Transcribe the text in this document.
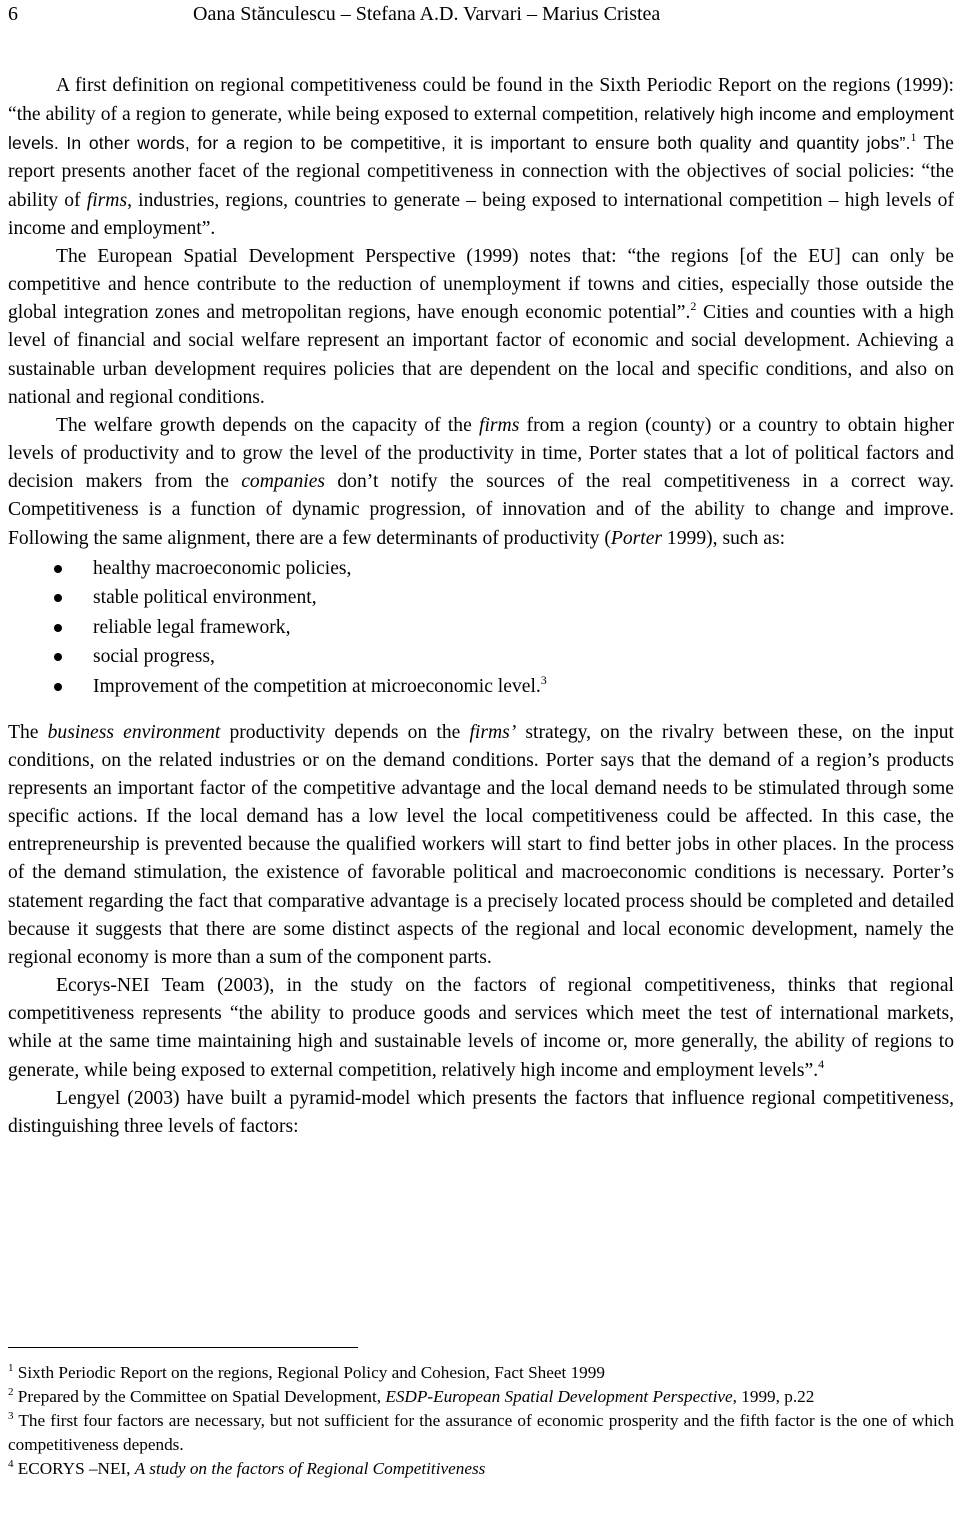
6	Oana Stănculescu – Stefana A.D. Varvari – Marius Cristea

A first definition on regional competitiveness could be found in the Sixth Periodic Report on the regions (1999): “the ability of a region to generate, while being exposed to external competition, relatively high income and employment levels. In other words, for a region to be competitive, it is important to ensure both quality and quantity jobs”.$^1$ The report presents another facet of the regional competitiveness in connection with the objectives of social policies: “the ability of firms, industries, regions, countries to generate – being exposed to international competition – high levels of income and employment”.

The European Spatial Development Perspective (1999) notes that: “the regions [of the EU] can only be competitive and hence contribute to the reduction of unemployment if towns and cities, especially those outside the global integration zones and metropolitan regions, have enough economic potential”.$^2$ Cities and counties with a high level of financial and social welfare represent an important factor of economic and social development. Achieving a sustainable urban development requires policies that are dependent on the local and specific conditions, and also on national and regional conditions.

The welfare growth depends on the capacity of the firms from a region (county) or a country to obtain higher levels of productivity and to grow the level of the productivity in time, Porter states that a lot of political factors and decision makers from the companies don’t notify the sources of the real competitiveness in a correct way. Competitiveness is a function of dynamic progression, of innovation and of the ability to change and improve. Following the same alignment, there are a few determinants of productivity (Porter 1999), such as:

healthy macroeconomic policies,
stable political environment,
reliable legal framework,
social progress,
Improvement of the competition at microeconomic level.$^3$

The business environment productivity depends on the firms’ strategy, on the rivalry between these, on the input conditions, on the related industries or on the demand conditions. Porter says that the demand of a region’s products represents an important factor of the competitive advantage and the local demand needs to be stimulated through some specific actions. If the local demand has a low level the local competitiveness could be affected. In this case, the entrepreneurship is prevented because the qualified workers will start to find better jobs in other places. In the process of the demand stimulation, the existence of favorable political and macroeconomic conditions is necessary. Porter’s statement regarding the fact that comparative advantage is a precisely located process should be completed and detailed because it suggests that there are some distinct aspects of the regional and local economic development, namely the regional economy is more than a sum of the component parts.

Ecorys-NEI Team (2003), in the study on the factors of regional competitiveness, thinks that regional competitiveness represents “the ability to produce goods and services which meet the test of international markets, while at the same time maintaining high and sustainable levels of income or, more generally, the ability of regions to generate, while being exposed to external competition, relatively high income and employment levels”.$^4$

Lengyel (2003) have built a pyramid-model which presents the factors that influence regional competitiveness, distinguishing three levels of factors:

$^1$ Sixth Periodic Report on the regions, Regional Policy and Cohesion, Fact Sheet 1999

$^2$ Prepared by the Committee on Spatial Development, ESDP-European Spatial Development Perspective, 1999, p.22

$^3$ The first four factors are necessary, but not sufficient for the assurance of economic prosperity and the fifth factor is the one of which competitiveness depends.

$^4$ ECORYS –NEI, A study on the factors of Regional Competitiveness
